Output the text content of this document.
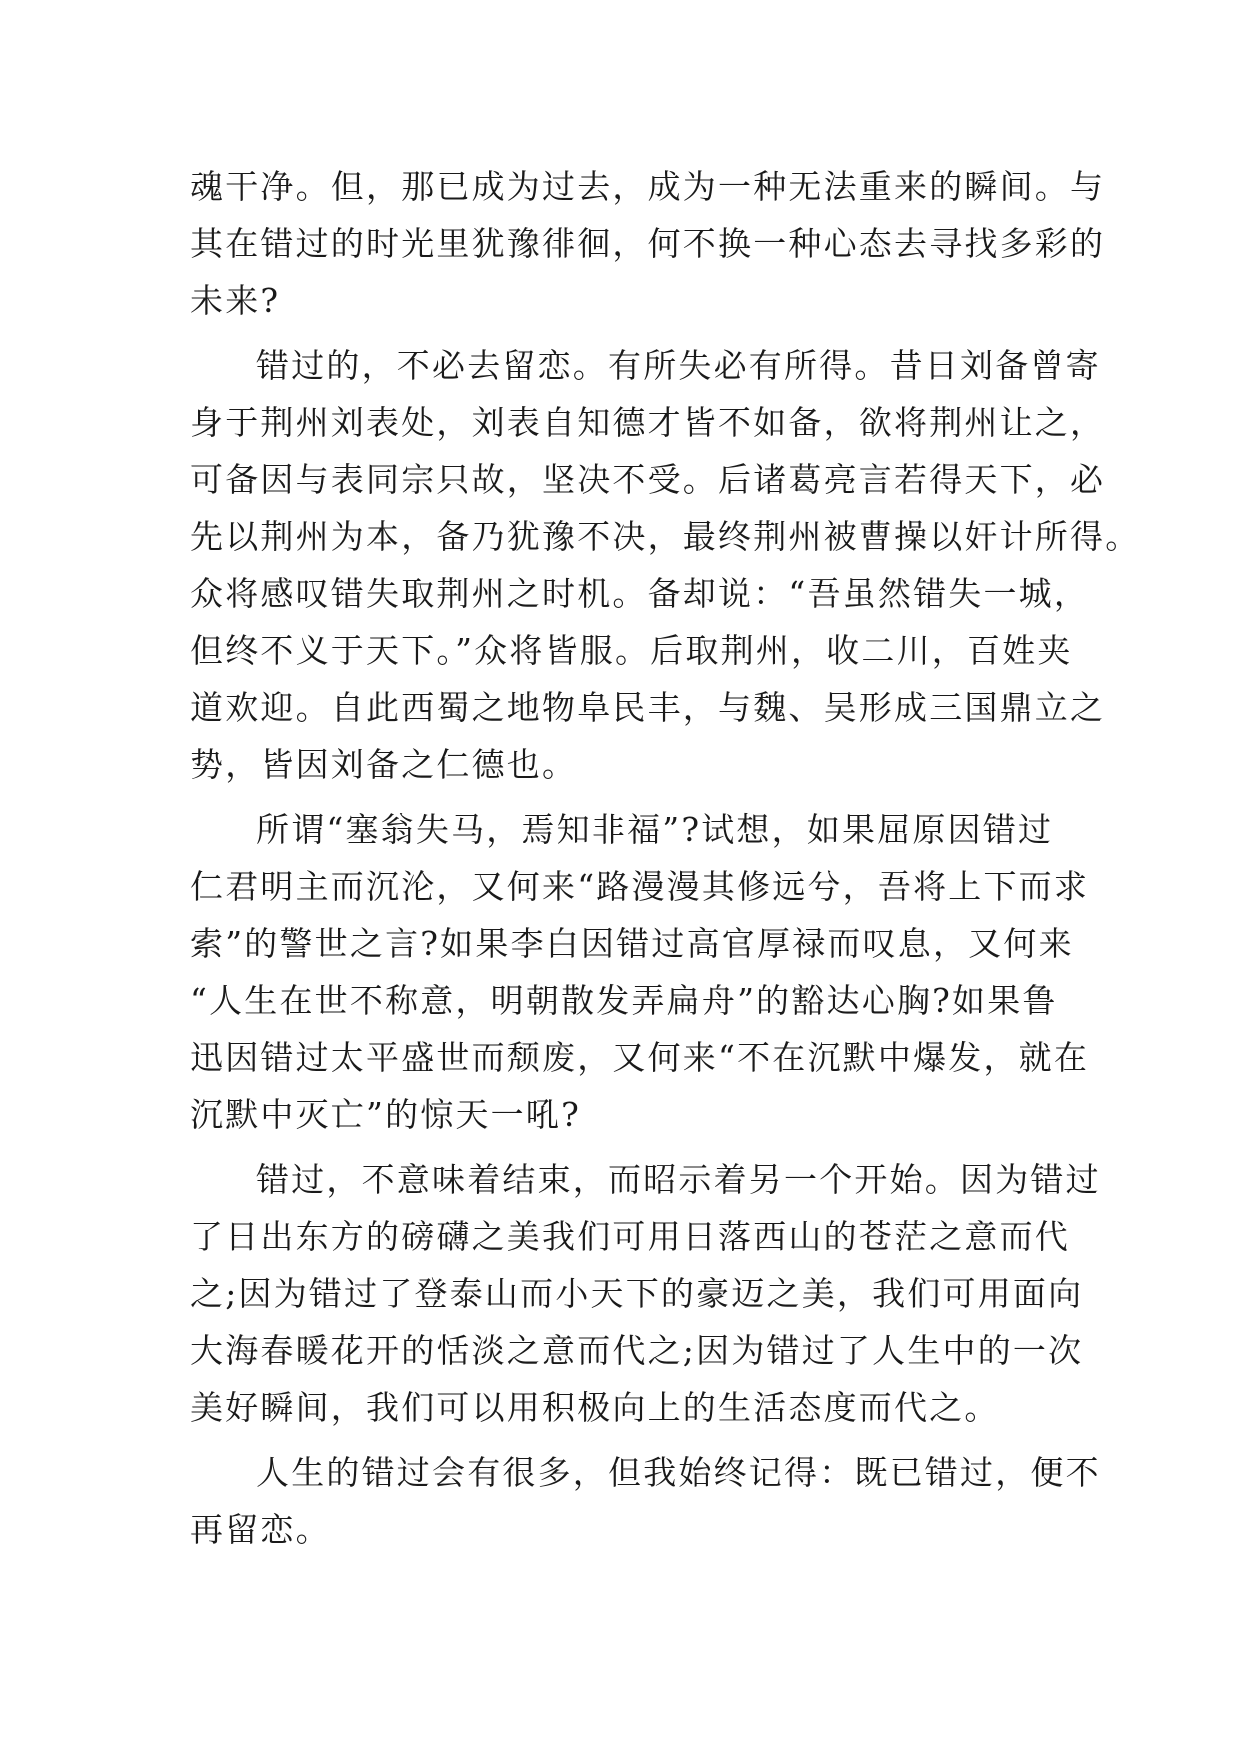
魂干净。但，那已成为过去，成为一种无法重来的瞬间。与
其在错过的时光里犹豫徘徊，何不换一种心态去寻找多彩的
未来?
错过的，不必去留恋。有所失必有所得。昔日刘备曾寄
身于荆州刘表处，刘表自知德才皆不如备，欲将荆州让之，
可备因与表同宗只故，坚决不受。后诸葛亮言若得天下，必
先以荆州为本，备乃犹豫不决，最终荆州被曹操以奸计所得。
众将感叹错失取荆州之时机。备却说：“吾虽然错失一城，
但终不义于天下。”众将皆服。后取荆州，收二川，百姓夹
道欢迎。自此西蜀之地物阜民丰，与魏、吴形成三国鼎立之
势，皆因刘备之仁德也。
所谓“塞翁失马，焉知非福”?试想，如果屈原因错过
仁君明主而沉沦，又何来“路漫漫其修远兮，吾将上下而求
索”的警世之言?如果李白因错过高官厚禄而叹息，又何来
“人生在世不称意，明朝散发弄扁舟”的豁达心胸?如果鲁
迅因错过太平盛世而颓废，又何来“不在沉默中爆发，就在
沉默中灭亡”的惊天一吼?
错过，不意味着结束，而昭示着另一个开始。因为错过
了日出东方的磅礴之美我们可用日落西山的苍茫之意而代
之;因为错过了登泰山而小天下的豪迈之美，我们可用面向
大海春暖花开的恬淡之意而代之;因为错过了人生中的一次
美好瞬间，我们可以用积极向上的生活态度而代之。
人生的错过会有很多，但我始终记得：既已错过，便不
再留恋。
